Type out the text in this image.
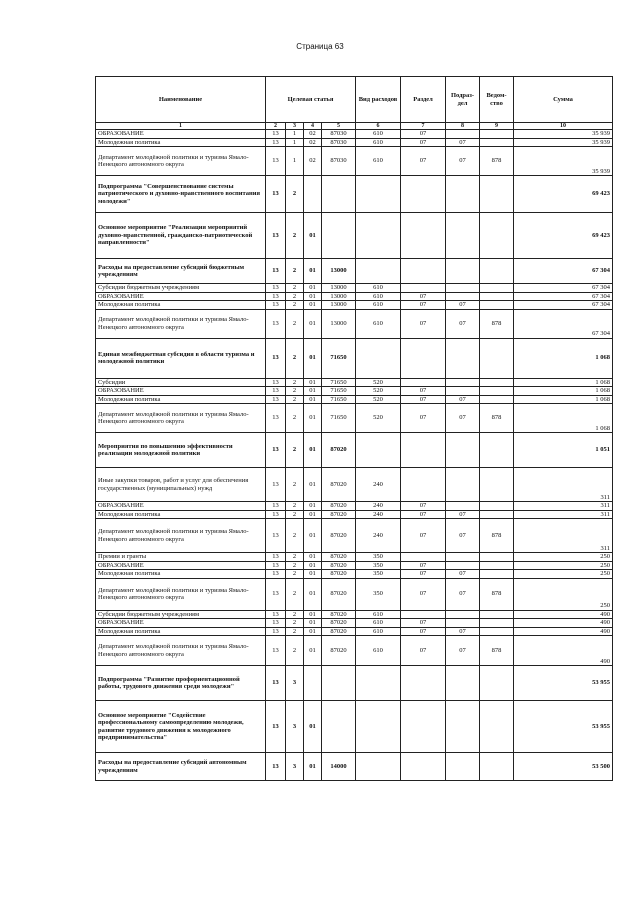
Страница 63
Наименование	Целевая статья				Вид расходов	Раздел	Подраз-дел	Ведом-ство	Сумма
1	2	3	4	5	6	7	8	9	10
ОБРАЗОВАНИЕ	13	1	02	87030	610	07			35 939
Молодежная политика	13	1	02	87030	610	07	07		35 939
Департамент молодёжной политики и туризма Ямало-Ненецкого автономного округа	13	1	02	87030	610	07	07	878	35 939
Подпрограмма "Совершенствование системы патриотического и духовно-нравственного воспитания молодежи"	13	2							69 423
Основное мероприятие "Реализация мероприятий духовно-нравственной, гражданско-патриотической направленности"	13	2	01						69 423
Расходы на предоставление субсидий бюджетным учреждениям	13	2	01	13000					67 304
Субсидии бюджетным учреждениям	13	2	01	13000	610				67 304
ОБРАЗОВАНИЕ	13	2	01	13000	610	07			67 304
Молодежная политика	13	2	01	13000	610	07	07		67 304
Департамент молодёжной политики и туризма Ямало-Ненецкого автономного округа	13	2	01	13000	610	07	07	878	67 304
Единая межбюджетная субсидия в области туризма и молодежной политики	13	2	01	71650					1 068
Субсидии	13	2	01	71650	520				1 068
ОБРАЗОВАНИЕ	13	2	01	71650	520	07			1 068
Молодежная политика	13	2	01	71650	520	07	07		1 068
Департамент молодёжной политики и туризма Ямало-Ненецкого автономного округа	13	2	01	71650	520	07	07	878	1 068
Мероприятия по повышению эффективности реализации молодежной политики	13	2	01	87020					1 051
Иные закупки товаров, работ и услуг для обеспечения государственных (муниципальных) нужд	13	2	01	87020	240				311
ОБРАЗОВАНИЕ	13	2	01	87020	240	07			311
Молодежная политика	13	2	01	87020	240	07	07		311
Департамент молодёжной политики и туризма Ямало-Ненецкого автономного округа	13	2	01	87020	240	07	07	878	311
Премии и гранты	13	2	01	87020	350				250
ОБРАЗОВАНИЕ	13	2	01	87020	350	07			250
Молодежная политика	13	2	01	87020	350	07	07		250
Департамент молодёжной политики и туризма Ямало-Ненецкого автономного округа	13	2	01	87020	350	07	07	878	250
Субсидии бюджетным учреждениям	13	2	01	87020	610				490
ОБРАЗОВАНИЕ	13	2	01	87020	610	07			490
Молодежная политика	13	2	01	87020	610	07	07		490
Департамент молодёжной политики и туризма Ямало-Ненецкого автономного округа	13	2	01	87020	610	07	07	878	490
Подпрограмма "Развитие профориентационной работы, трудового движения среди молодежи"	13	3							53 955
Основное мероприятие "Содействие профессиональному самоопределению молодежи, развитие трудового движения к молодежного предпринимательства"	13	3	01						53 955
Расходы на предоставление субсидий автономным учреждениям	13	3	01	14000					53 500
